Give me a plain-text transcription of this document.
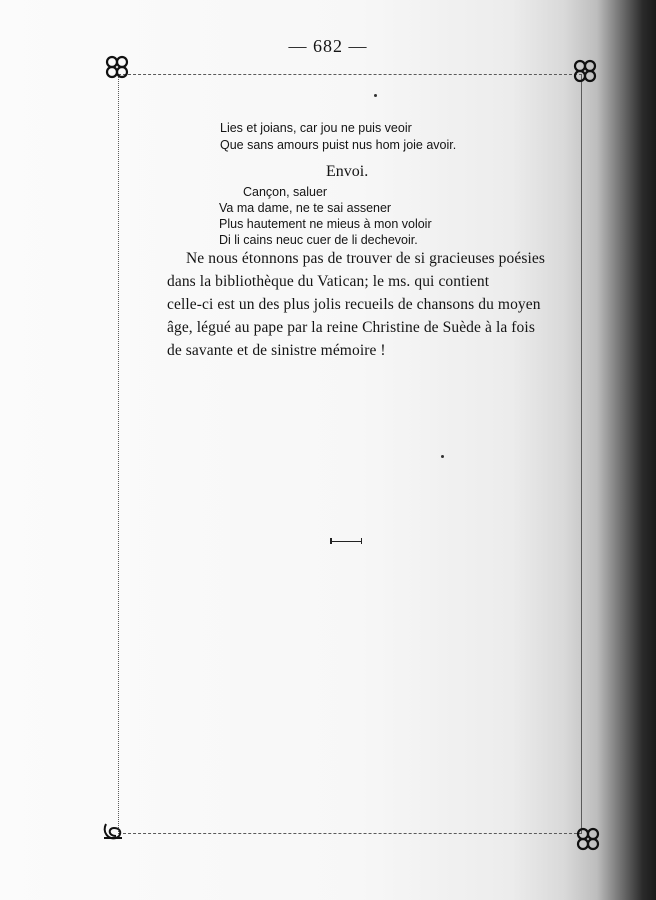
— 682 —
Lies et joians, car jou ne puis veoir
Que sans amours puist nus hom joie avoir.
Envoi.
Cançon, saluer
Va ma dame, ne te sai assener
Plus hautement ne mieus à mon voloir
Di li cains neuc cuer de li dechevoir.
Ne nous étonnons pas de trouver de si gracieuses poésies
dans la bibliothèque du Vatican; le ms. qui contient
celle-ci est un des plus jolis recueils de chansons du moyen
âge, légué au pape par la reine Christine de Suède à la fois
de savante et de sinistre mémoire !
